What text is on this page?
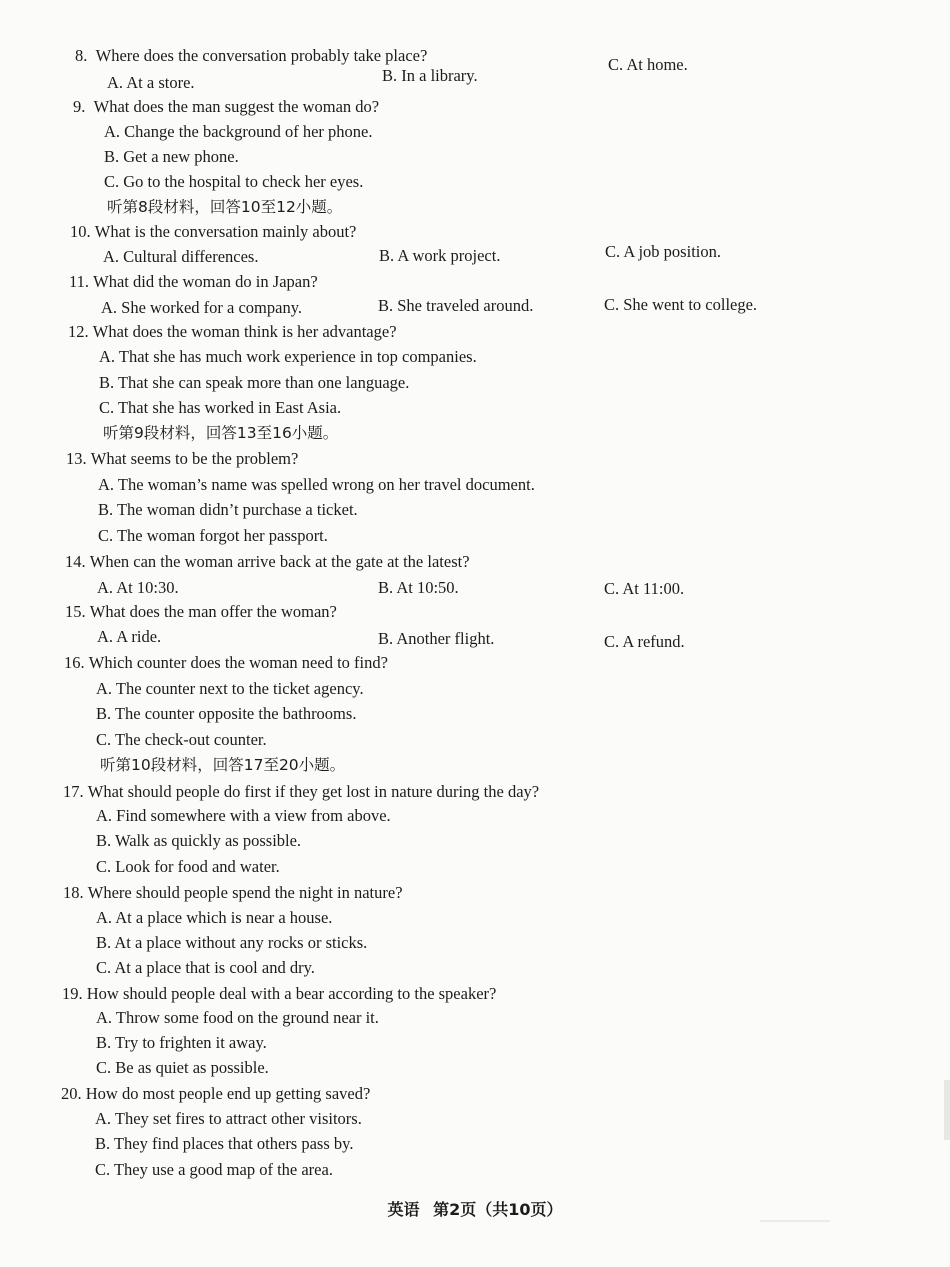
8. Where does the conversation probably take place?
A. At a store.	B. In a library.
C. At home.
9. What does the man suggest the woman do?
A. Change the background of her phone.
B. Get a new phone.
C. Go to the hospital to check her eyes.
听第8段材料，回答10至12小题。
10. What is the conversation mainly about?
A. Cultural differences.	B. A work project.	C. A job position.
11. What did the woman do in Japan?
A. She worked for a company.	B. She traveled around.	C. She went to college.
12. What does the woman think is her advantage?
A. That she has much work experience in top companies.
B. That she can speak more than one language.
C. That she has worked in East Asia.
听第9段材料，回答13至16小题。
13. What seems to be the problem?
A. The woman’s name was spelled wrong on her travel document.
B. The woman didn’t purchase a ticket.
C. The woman forgot her passport.
14. When can the woman arrive back at the gate at the latest?
A. At 10:30.	B. At 10:50.	C. At 11:00.
15. What does the man offer the woman?
A. A ride.	B. Another flight.	C. A refund.
16. Which counter does the woman need to find?
A. The counter next to the ticket agency.
B. The counter opposite the bathrooms.
C. The check-out counter.
听第10段材料，回答17至20小题。
17. What should people do first if they get lost in nature during the day?
A. Find somewhere with a view from above.
B. Walk as quickly as possible.
C. Look for food and water.
18. Where should people spend the night in nature?
A. At a place which is near a house.
B. At a place without any rocks or sticks.
C. At a place that is cool and dry.
19. How should people deal with a bear according to the speaker?
A. Throw some food on the ground near it.
B. Try to frighten it away.
C. Be as quiet as possible.
20. How do most people end up getting saved?
A. They set fires to attract other visitors.
B. They find places that others pass by.
C. They use a good map of the area.
英语 第2页（共10页）
